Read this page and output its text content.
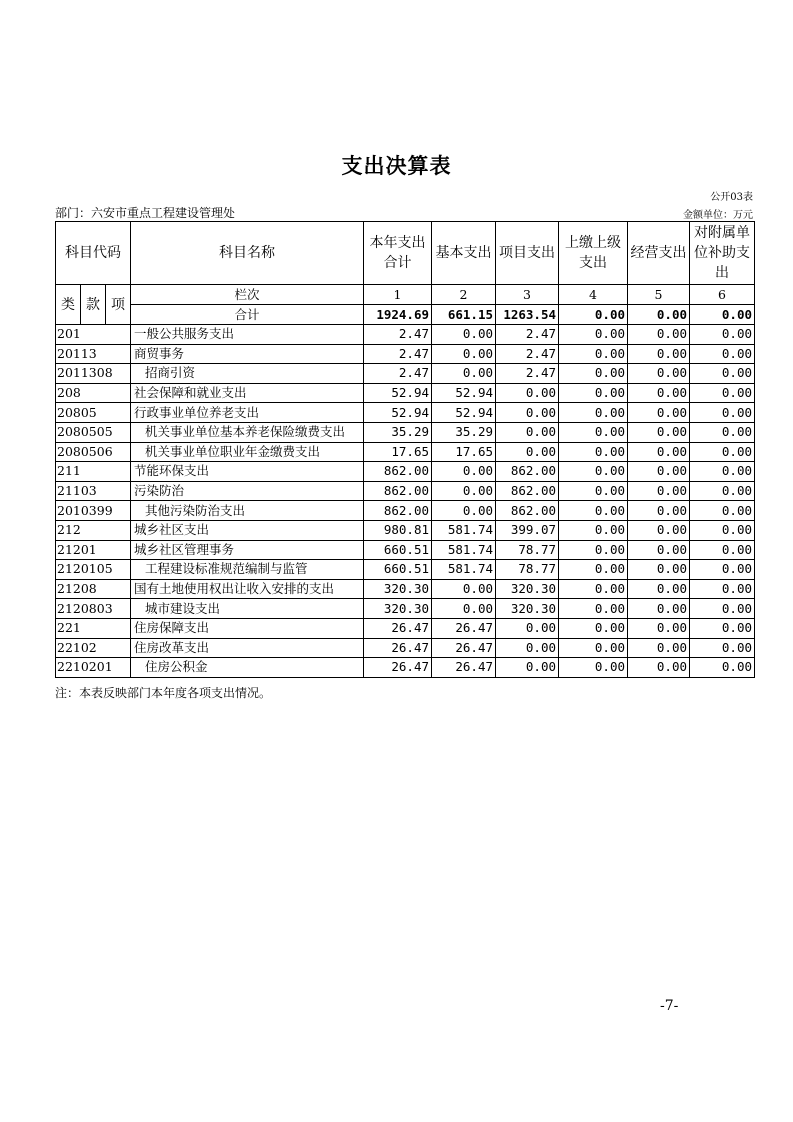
支出决算表
公开03表
部门：六安市重点工程建设管理处	金额单位：万元
科目代码			科目名称	本年支出合计	基本支出	项目支出	上缴上级支出	经营支出	对附属单位补助支出
类	款	项	栏次	1	2	3	4	5	6
			合计	1924.69	661.15	1263.54	0.00	0.00	0.00
201			一般公共服务支出	2.47	0.00	2.47	0.00	0.00	0.00
20113			商贸事务	2.47	0.00	2.47	0.00	0.00	0.00
2011308			招商引资	2.47	0.00	2.47	0.00	0.00	0.00
208			社会保障和就业支出	52.94	52.94	0.00	0.00	0.00	0.00
20805			行政事业单位养老支出	52.94	52.94	0.00	0.00	0.00	0.00
2080505			机关事业单位基本养老保险缴费支出	35.29	35.29	0.00	0.00	0.00	0.00
2080506			机关事业单位职业年金缴费支出	17.65	17.65	0.00	0.00	0.00	0.00
211			节能环保支出	862.00	0.00	862.00	0.00	0.00	0.00
21103			污染防治	862.00	0.00	862.00	0.00	0.00	0.00
2010399			其他污染防治支出	862.00	0.00	862.00	0.00	0.00	0.00
212			城乡社区支出	980.81	581.74	399.07	0.00	0.00	0.00
21201			城乡社区管理事务	660.51	581.74	78.77	0.00	0.00	0.00
2120105			工程建设标准规范编制与监管	660.51	581.74	78.77	0.00	0.00	0.00
21208			国有土地使用权出让收入安排的支出	320.30	0.00	320.30	0.00	0.00	0.00
2120803			城市建设支出	320.30	0.00	320.30	0.00	0.00	0.00
221			住房保障支出	26.47	26.47	0.00	0.00	0.00	0.00
22102			住房改革支出	26.47	26.47	0.00	0.00	0.00	0.00
2210201			住房公积金	26.47	26.47	0.00	0.00	0.00	0.00
注：本表反映部门本年度各项支出情况。
-7-
